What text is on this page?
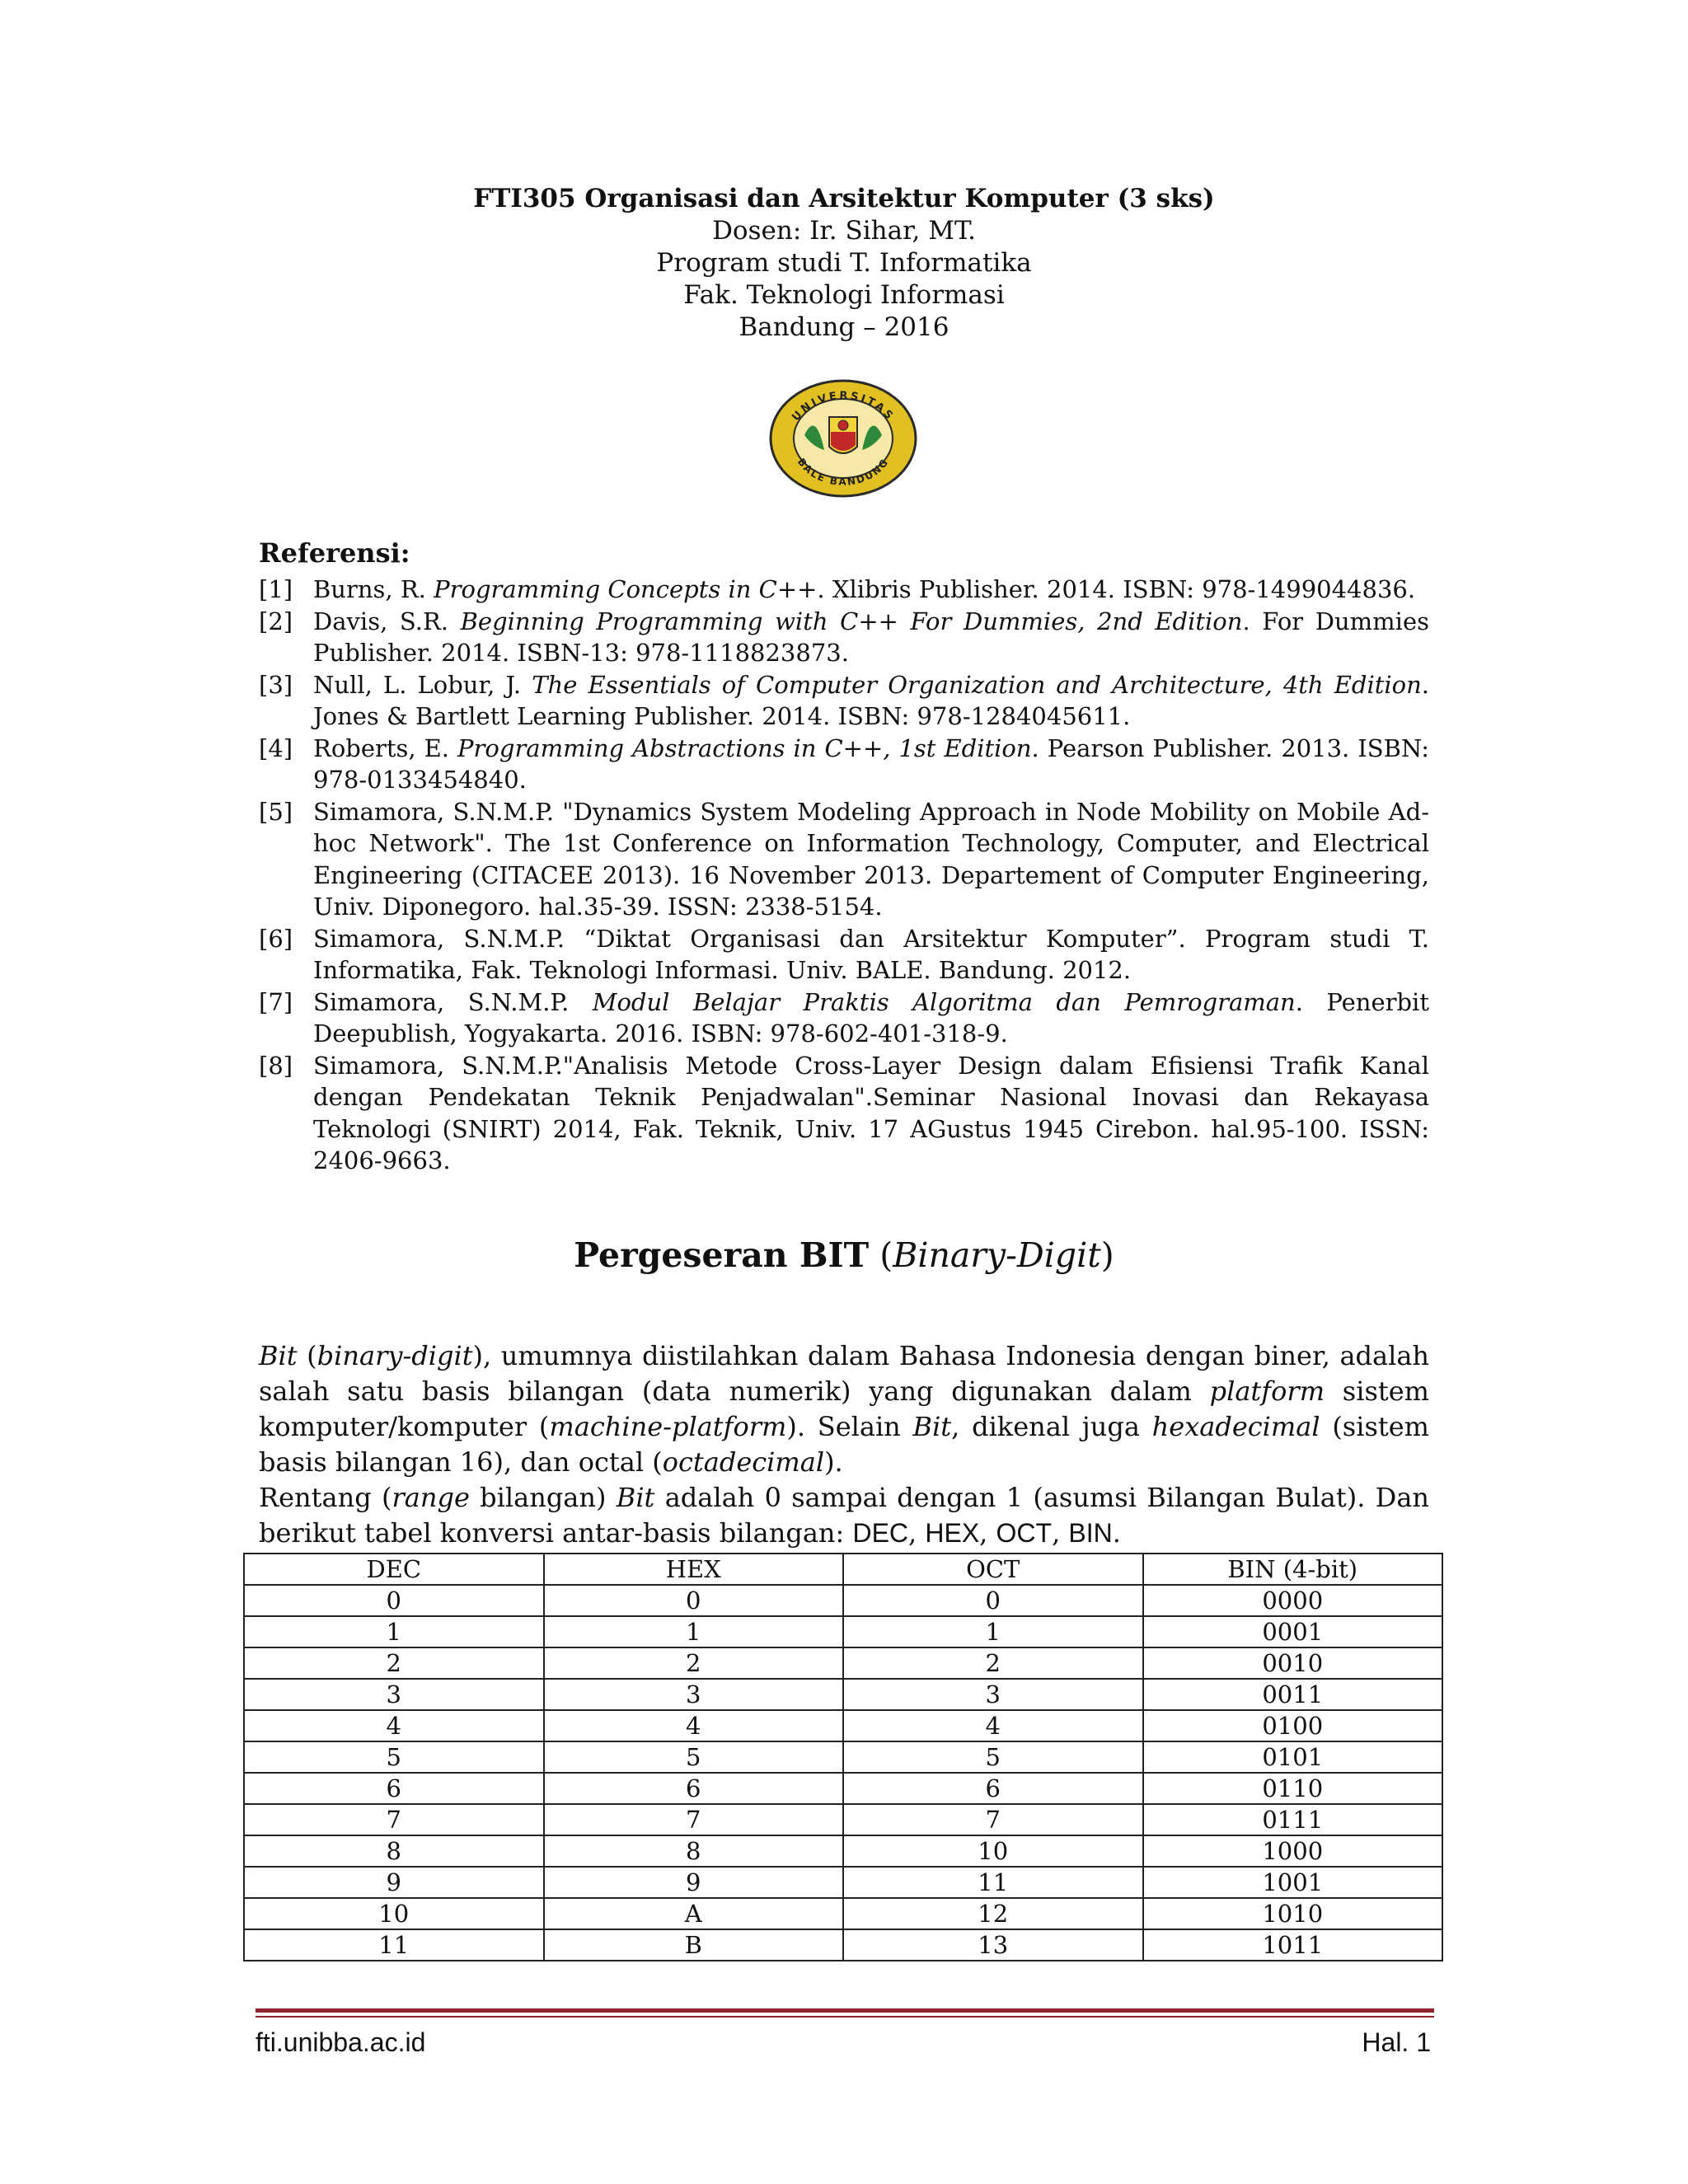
FTI305 Organisasi dan Arsitektur Komputer (3 sks)
Dosen: Ir. Sihar, MT.
Program studi T. Informatika
Fak. Teknologi Informasi
Bandung – 2016
UNIVERSITAS
BALE BANDUNG
Referensi:
[1] Burns, R. Programming Concepts in C++. Xlibris Publisher. 2014. ISBN: 978-1499044836.
[2] Davis, S.R. Beginning Programming with C++ For Dummies, 2nd Edition. For Dummies Publisher. 2014. ISBN-13: 978-1118823873.
[3] Null, L. Lobur, J. The Essentials of Computer Organization and Architecture, 4th Edition. Jones & Bartlett Learning Publisher. 2014. ISBN: 978-1284045611.
[4] Roberts, E. Programming Abstractions in C++, 1st Edition. Pearson Publisher. 2013. ISBN: 978-0133454840.
[5] Simamora, S.N.M.P. "Dynamics System Modeling Approach in Node Mobility on Mobile Ad-hoc Network". The 1st Conference on Information Technology, Computer, and Electrical Engineering (CITACEE 2013). 16 November 2013. Departement of Computer Engineering, Univ. Diponegoro. hal.35-39. ISSN: 2338-5154.
[6] Simamora, S.N.M.P. “Diktat Organisasi dan Arsitektur Komputer”. Program studi T. Informatika, Fak. Teknologi Informasi. Univ. BALE. Bandung. 2012.
[7] Simamora, S.N.M.P. Modul Belajar Praktis Algoritma dan Pemrograman. Penerbit Deepublish, Yogyakarta. 2016. ISBN: 978-602-401-318-9.
[8] Simamora, S.N.M.P."Analisis Metode Cross-Layer Design dalam Efisiensi Trafik Kanal dengan Pendekatan Teknik Penjadwalan".Seminar Nasional Inovasi dan Rekayasa Teknologi (SNIRT) 2014, Fak. Teknik, Univ. 17 AGustus 1945 Cirebon. hal.95-100. ISSN: 2406-9663.
Pergeseran BIT (Binary-Digit)

Bit (binary-digit), umumnya diistilahkan dalam Bahasa Indonesia dengan biner, adalah salah satu basis bilangan (data numerik) yang digunakan dalam platform sistem komputer/komputer (machine-platform). Selain Bit, dikenal juga hexadecimal (sistem basis bilangan 16), dan octal (octadecimal).

Rentang (range bilangan) Bit adalah 0 sampai dengan 1 (asumsi Bilangan Bulat). Dan berikut tabel konversi antar-basis bilangan: DEC, HEX, OCT, BIN.

DEC	HEX	OCT	BIN (4-bit)
0	0	0	0000
1	1	1	0001
2	2	2	0010
3	3	3	0011
4	4	4	0100
5	5	5	0101
6	6	6	0110
7	7	7	0111
8	8	10	1000
9	9	11	1001
10	A	12	1010
11	B	13	1011
fti.unibba.ac.id	Hal. 1
